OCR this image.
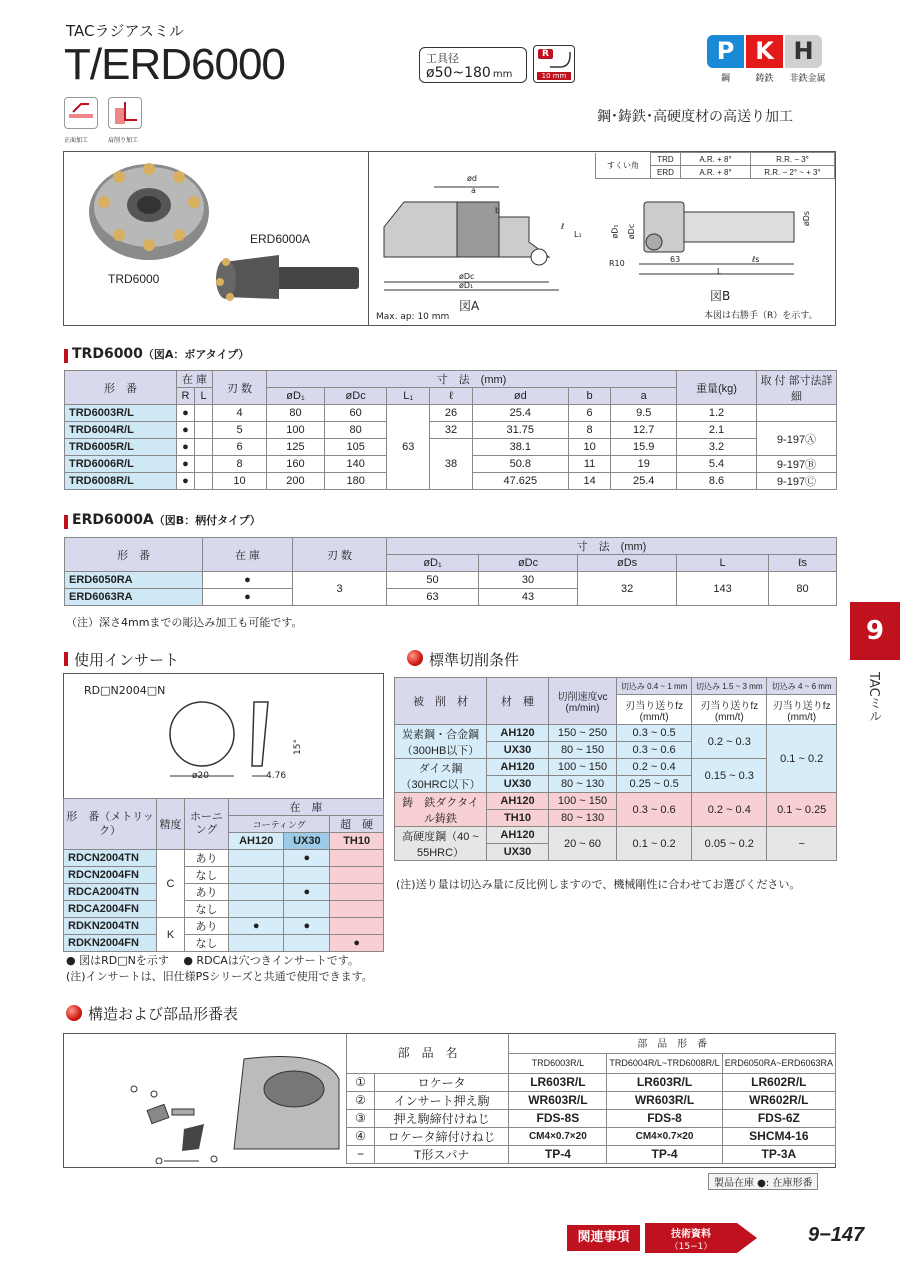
TACラジアスミル
T/ERD6000	工具径
ø50~180 mm
R
10 mm
P K H
鋼	鋳鉄	非鉄金属
正面加工	肩削り加工
鋼･鋳鉄･高硬度材の高送り加工
TRD6000
ERD6000A
ød
a
b
ℓ
L₁
øDc
øD₁
図A
Max. ap: 10 mm
すくい角	TRD	A.R. + 8°	R.R. − 3°
	ERD	A.R. + 8°	R.R. − 2° ~ + 3°
øD₁ øDc
R10	63	ℓs
L
øDs
図B
本図は右勝手（R）を示す。
TRD6000（図A：ボアタイプ）
形　番	在 庫		刃 数	寸　法　(mm)							重量(kg)	取 付 部寸法詳細
	R	L		øD₁	øDc	L₁	ℓ	ød	b	a		
TRD6003R/L	●		4	80	60	63	26	25.4	6	9.5	1.2	
TRD6004R/L	●		5	100	80		32	31.75	8	12.7	2.1	9-197Ⓐ
TRD6005R/L	●		6	125	105		38	38.1	10	15.9	3.2	
TRD6006R/L	●		8	160	140			50.8	11	19	5.4	9-197Ⓑ
TRD6008R/L	●		10	200	180			47.625	14	25.4	8.6	9-197Ⓒ
ERD6000A（図B：柄付タイプ）
形　番	在 庫	刃 数	寸　法　(mm)				
			øD₁	øDc	øDs	L	ℓs
ERD6050RA	●	3	50	30	32	143	80
ERD6063RA	●		63	43			
（注）深さ4mmまでの彫込み加工も可能です。	9
TACミル
使用インサート
RD□N2004□N
ø20	4.76
15°
形　番（メトリック）	精度	ホーニング	在　庫		
			コーティング		超　硬
			AH120	UX30	TH10
RDCN2004TN	C	あり		●	
RDCN2004FN		なし			
RDCA2004TN		あり		●	
RDCA2004FN		なし			
RDKN2004TN	K	あり	●	●	
RDKN2004FN		なし			●
● 図はRD□Nを示す　 ● RDCAは穴つきインサートです。
(注)インサートは、旧仕様PSシリーズと共通で使用できます。
標準切削条件
被　削　材	材　種	切削速度vc (m/min)	切込み 0.4 ~ 1 mm	切込み 1.5 ~ 3 mm	切込み 4 ~ 6 mm
			刃当り送りfz (mm/t)	刃当り送りfz (mm/t)	刃当り送りfz (mm/t)
炭素鋼・合金鋼（300HB以下）	AH120	150 ~ 250	0.3 ~ 0.5	0.2 ~ 0.3	0.1 ~ 0.2
	UX30	80 ~ 150	0.3 ~ 0.6		
ダイス鋼（30HRC以下）	AH120	100 ~ 150	0.2 ~ 0.4	0.15 ~ 0.3	
	UX30	80 ~ 130	0.25 ~ 0.5		
鋳　鉄ダクタイル鋳鉄	AH120	100 ~ 150	0.3 ~ 0.6	0.2 ~ 0.4	0.1 ~ 0.25
	TH10	80 ~ 130			
高硬度鋼（40 ~ 55HRC）	AH120	20 ~ 60	0.1 ~ 0.2	0.05 ~ 0.2	−
	UX30				
(注)送り量は切込み量に反比例しますので、機械剛性に合わせてお選びください。
構造および部品形番表
部　品　名		部　品　形　番		
		TRD6003R/L	TRD6004R/L~TRD6008R/L	ERD6050RA~ERD6063RA
①	ロケータ	LR603R/L	LR603R/L	LR602R/L
②	インサート押え駒	WR603R/L	WR603R/L	WR602R/L
③	押え駒締付けねじ	FDS-8S	FDS-8	FDS-6Z
④	ロケータ締付けねじ	CM4×0.7×20	CM4×0.7×20	SHCM4-16
−	T形スパナ	TP-4	TP-4	TP-3A
製品在庫 ●: 在庫形番
関連事項	技術資料
（15−1）
9−147
